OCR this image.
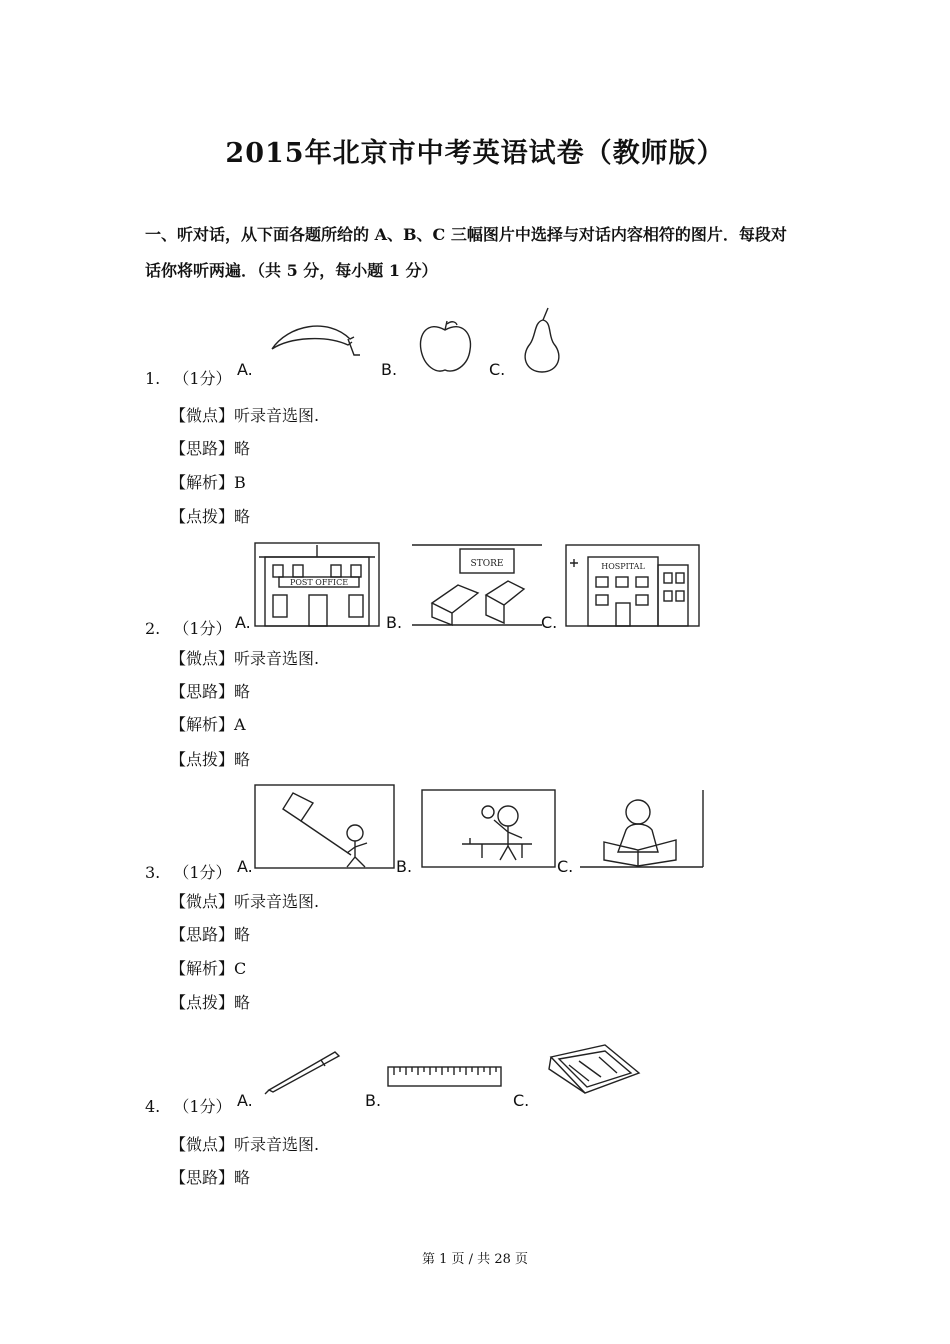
2015年北京市中考英语试卷（教师版）
一、听对话，从下面各题所给的 A、B、C 三幅图片中选择与对话内容相符的图片．每段对
话你将听两遍．（共 5 分，每小题 1 分）
1. （1分） A.	B.	C.
【微点】听录音选图.
【思路】略
【解析】B
【点拨】略
2. （1分） A.
POST OFFICE
B.
STORE
C.
HOSPITAL
【微点】听录音选图.
【思路】略
【解析】A
【点拨】略
3. （1分） A.	B.	C.
【微点】听录音选图.
【思路】略
【解析】C
【点拨】略
4. （1分） A.	B.	C.
【微点】听录音选图.
【思路】略
第 1 页 / 共 28 页
